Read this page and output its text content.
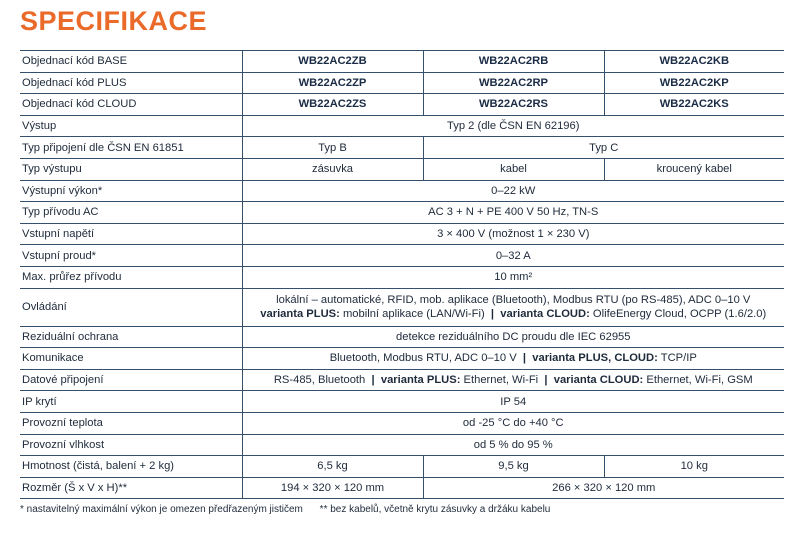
SPECIFIKACE
Objednací kód BASE	WB22AC2ZB	WB22AC2RB	WB22AC2KB
Objednací kód PLUS	WB22AC2ZP	WB22AC2RP	WB22AC2KP
Objednací kód CLOUD	WB22AC2ZS	WB22AC2RS	WB22AC2KS
Výstup	Typ 2 (dle ČSN EN 62196)		
Typ připojení dle ČSN EN 61851	Typ B	Typ C	
Typ výstupu	zásuvka	kabel	kroucený kabel
Výstupní výkon*	0–22 kW		
Typ přívodu AC	AC 3 + N + PE 400 V 50 Hz, TN-S		
Vstupní napětí	3 × 400 V (možnost 1 × 230 V)		
Vstupní proud*	0–32 A		
Max. průřez přívodu	10 mm²		
Ovládání	lokální – automatické, RFID, mob. aplikace (Bluetooth), Modbus RTU (po RS-485), ADC 0–10 V
varianta PLUS: mobilní aplikace (LAN/Wi-Fi)  |  varianta CLOUD: OlifeEnergy Cloud, OCPP (1.6/2.0)		

Reziduální ochrana	detekce reziduálního DC proudu dle IEC 62955		
Komunikace	Bluetooth, Modbus RTU, ADC 0–10 V  |  varianta PLUS, CLOUD: TCP/IP		
Datové připojení	RS-485, Bluetooth  |  varianta PLUS: Ethernet, Wi-Fi  |  varianta CLOUD: Ethernet, Wi-Fi, GSM		
IP krytí	IP 54		
Provozní teplota	od -25 °C do +40 °C		
Provozní vlhkost	od 5 % do 95 %		
Hmotnost (čistá, balení + 2 kg)	6,5 kg	9,5 kg	10 kg
Rozměr (Š x V x H)**	194 × 320 × 120 mm	266 × 320 × 120 mm	
* nastavitelný maximální výkon je omezen předřazeným jističem ** bez kabelů, včetně krytu zásuvky a držáku kabelu
